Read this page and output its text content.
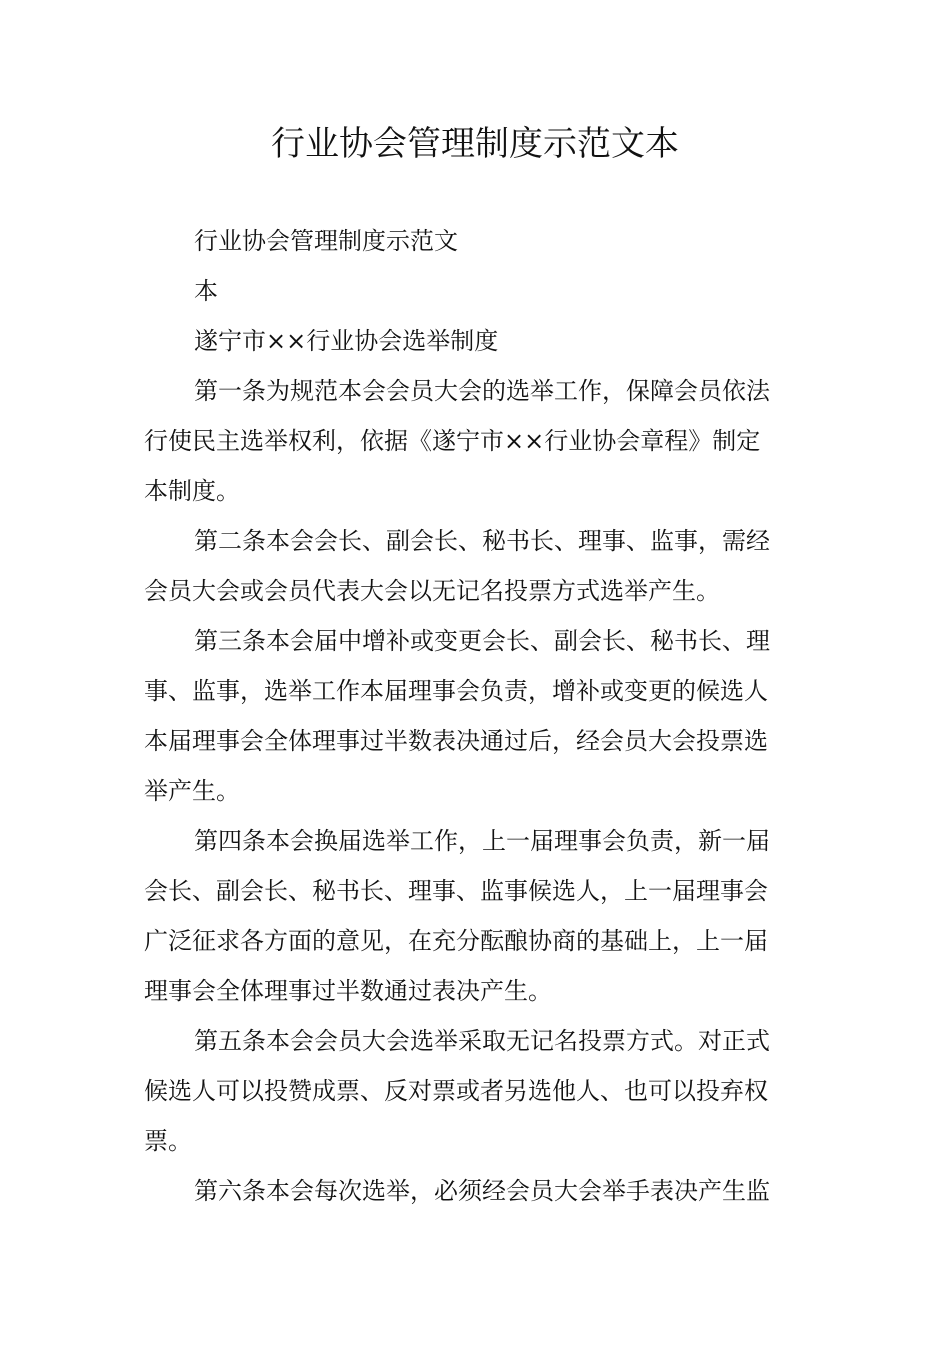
行业协会管理制度示范文本
行业协会管理制度示范文
本
遂宁市××行业协会选举制度
第一条为规范本会会员大会的选举工作，保障会员依法
行使民主选举权利，依据《遂宁市××行业协会章程》制定
本制度。
第二条本会会长、副会长、秘书长、理事、监事，需经
会员大会或会员代表大会以无记名投票方式选举产生。
第三条本会届中增补或变更会长、副会长、秘书长、理
事、监事，选举工作本届理事会负责，增补或变更的候选人
本届理事会全体理事过半数表决通过后，经会员大会投票选
举产生。
第四条本会换届选举工作，上一届理事会负责，新一届
会长、副会长、秘书长、理事、监事候选人，上一届理事会
广泛征求各方面的意见，在充分酝酿协商的基础上，上一届
理事会全体理事过半数通过表决产生。
第五条本会会员大会选举采取无记名投票方式。对正式
候选人可以投赞成票、反对票或者另选他人、也可以投弃权
票。
第六条本会每次选举，必须经会员大会举手表决产生监
